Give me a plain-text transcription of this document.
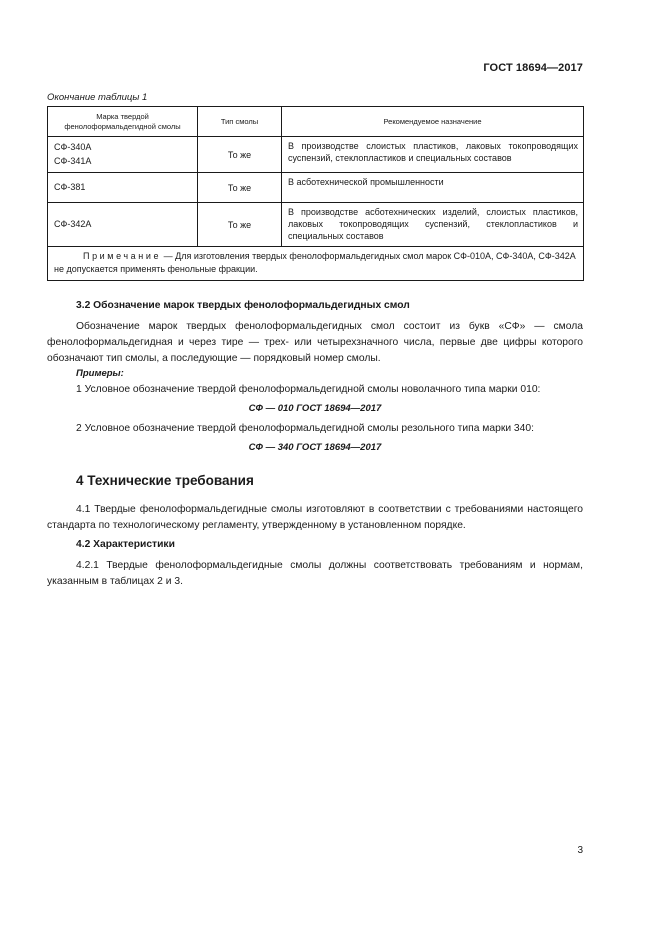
ГОСТ 18694—2017
Окончание таблицы 1
Марка твердой фенолоформальдегидной смолы	Тип смолы	Рекомендуемое назначение

СФ-340А
СФ-341А	То же	В производстве слоистых пластиков, лаковых токопроводящих суспензий, стеклопластиков и специальных составов

СФ-381	То же	В асботехнической промышленности

СФ-342А	То же	В производстве асботехнических изделий, слоистых пластиков, лаковых токопроводящих суспензий, стеклопластиков и специальных составов
Примечание — Для изготовления твердых фенолоформальдегидных смол марок СФ-010А, СФ-340А, СФ-342А не допускается применять фенольные фракции.		
3.2 Обозначение марок твердых фенолоформальдегидных смол
Обозначение марок твердых фенолоформальдегидных смол состоит из букв «СФ» — смола фенолоформальдегидная и через тире — трех- или четырехзначного числа, первые две цифры которого обозначают тип смолы, а последующие — порядковый номер смолы.
Примеры:
1 Условное обозначение твердой фенолоформальдегидной смолы новолачного типа марки 010:
СФ — 010 ГОСТ 18694—2017
2 Условное обозначение твердой фенолоформальдегидной смолы резольного типа марки 340:
СФ — 340 ГОСТ 18694—2017
4 Технические требования
4.1 Твердые фенолоформальдегидные смолы изготовляют в соответствии с требованиями настоящего стандарта по технологическому регламенту, утвержденному в установленном порядке.
4.2 Характеристики
4.2.1 Твердые фенолоформальдегидные смолы должны соответствовать требованиям и нормам, указанным в таблицах 2 и 3.
3
